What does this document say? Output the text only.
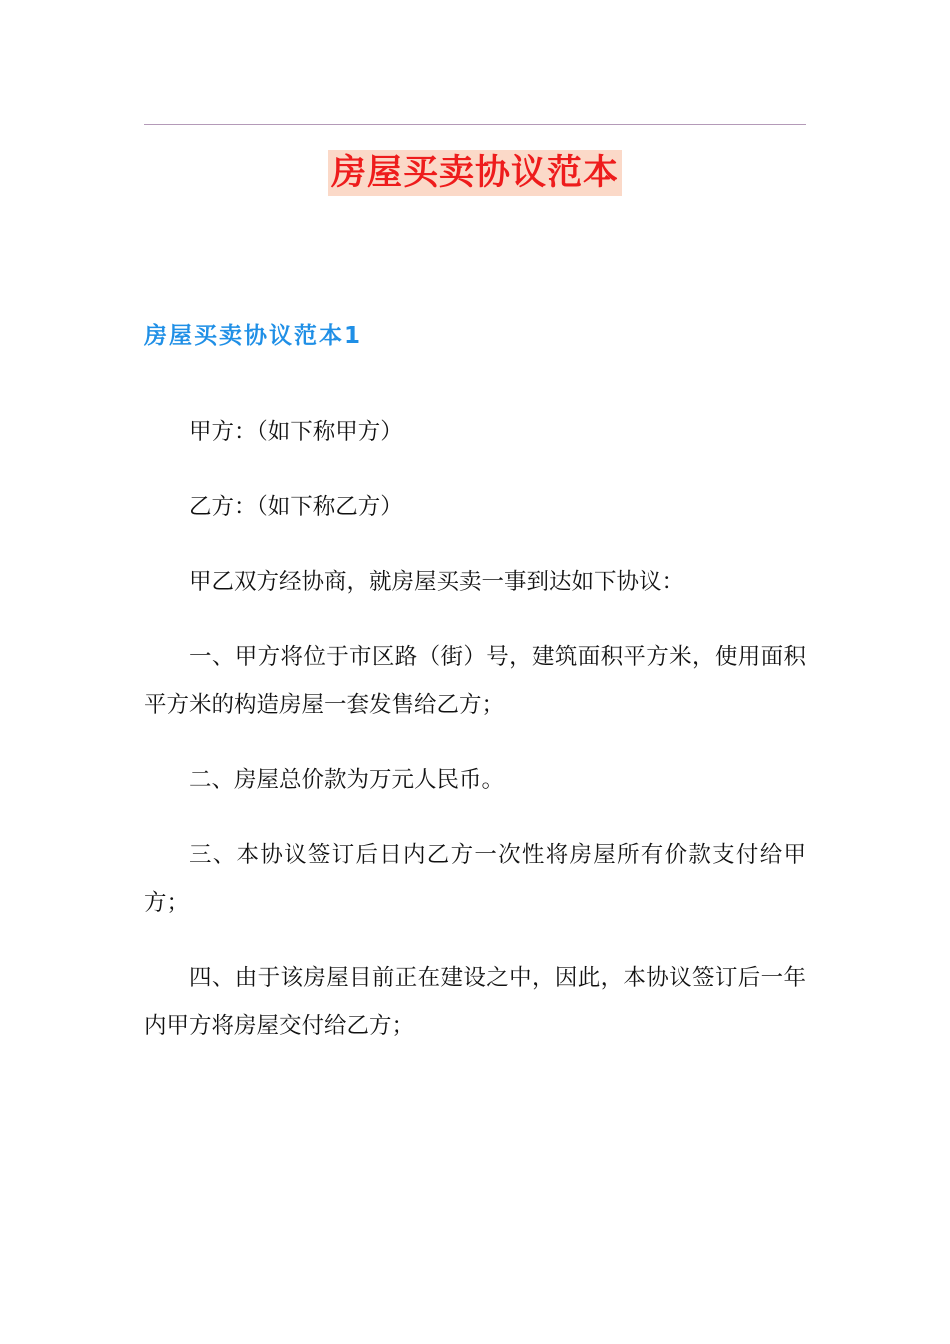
房屋买卖协议范本
房屋买卖协议范本1

甲方：（如下称甲方）

乙方：（如下称乙方）

甲乙双方经协商，就房屋买卖一事到达如下协议：

一、甲方将位于市区路（街）号，建筑面积平方米，使用面积平方米的构造房屋一套发售给乙方；

二、房屋总价款为万元人民币。

三、本协议签订后日内乙方一次性将房屋所有价款支付给甲方；

四、由于该房屋目前正在建设之中，因此，本协议签订后一年内甲方将房屋交付给乙方；
